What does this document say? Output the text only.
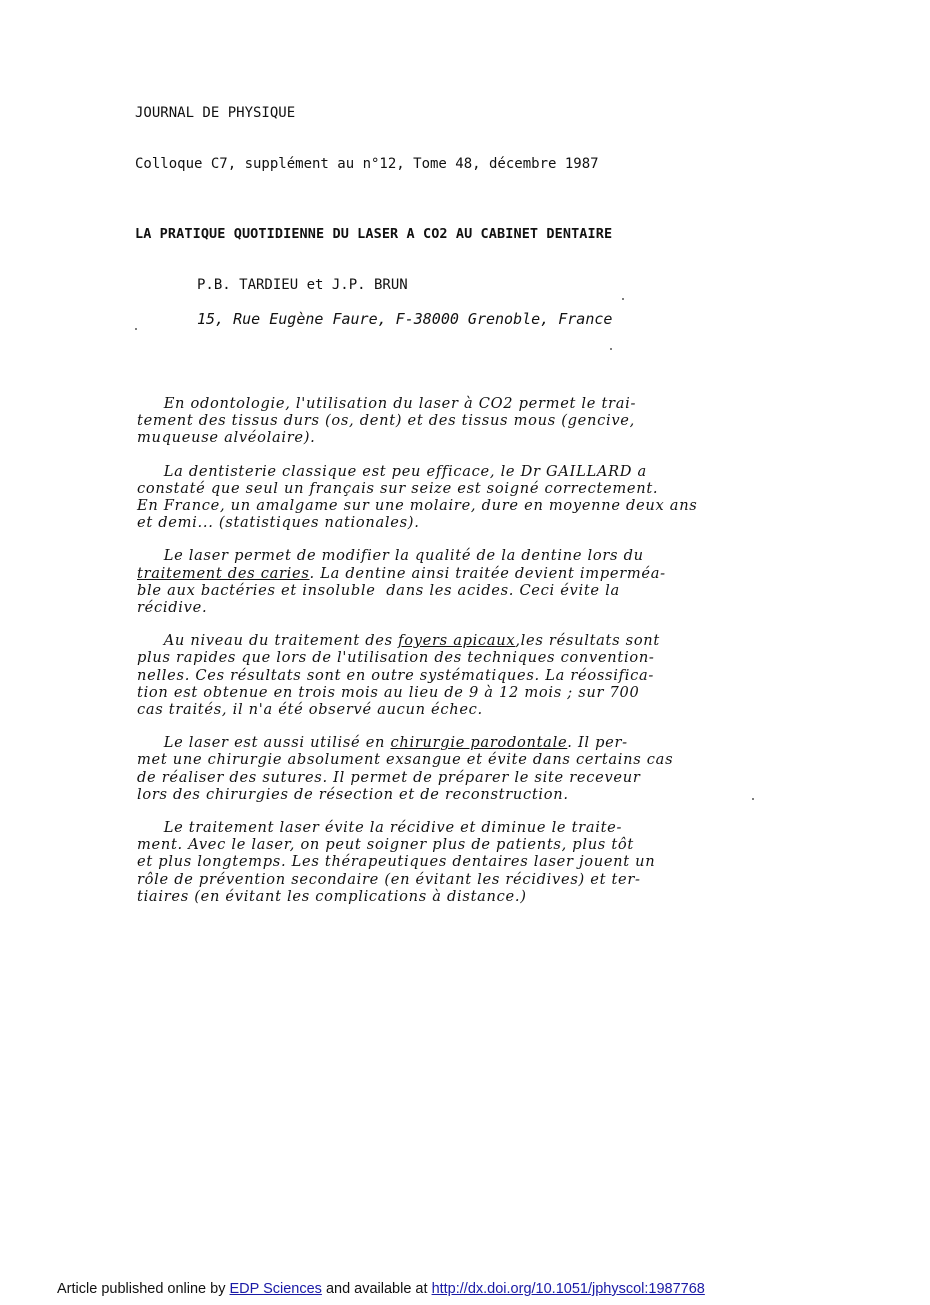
JOURNAL DE PHYSIQUE

Colloque C7, supplément au n°12, Tome 48, décembre 1987

LA PRATIQUE QUOTIDIENNE DU LASER A CO2 AU CABINET DENTAIRE
P.B. TARDIEU et J.P. BRUN
15, Rue Eugène Faure, F-38000 Grenoble, France
En odontologie, l'utilisation du laser à CO2 permet le trai-
tement des tissus durs (os, dent) et des tissus mous (gencive,
muqueuse alvéolaire).
La dentisterie classique est peu efficace, le Dr GAILLARD a
constaté que seul un français sur seize est soigné correctement.
En France, un amalgame sur une molaire, dure en moyenne deux ans
et demi... (statistiques nationales).
Le laser permet de modifier la qualité de la dentine lors du
traitement des caries. La dentine ainsi traitée devient imperméa-
ble aux bactéries et insoluble  dans les acides. Ceci évite la
récidive.
Au niveau du traitement des foyers apicaux,les résultats sont
plus rapides que lors de l'utilisation des techniques convention-
nelles. Ces résultats sont en outre systématiques. La réossifica-
tion est obtenue en trois mois au lieu de 9 à 12 mois ; sur 700
cas traités, il n'a été observé aucun échec.
Le laser est aussi utilisé en chirurgie parodontale. Il per-
met une chirurgie absolument exsangue et évite dans certains cas
de réaliser des sutures. Il permet de préparer le site receveur
lors des chirurgies de résection et de reconstruction.
Le traitement laser évite la récidive et diminue le traite-
ment. Avec le laser, on peut soigner plus de patients, plus tôt
et plus longtemps. Les thérapeutiques dentaires laser jouent un
rôle de prévention secondaire (en évitant les récidives) et ter-
tiaires (en évitant les complications à distance.)
Article published online by EDP Sciences and available at http://dx.doi.org/10.1051/jphyscol:1987768
